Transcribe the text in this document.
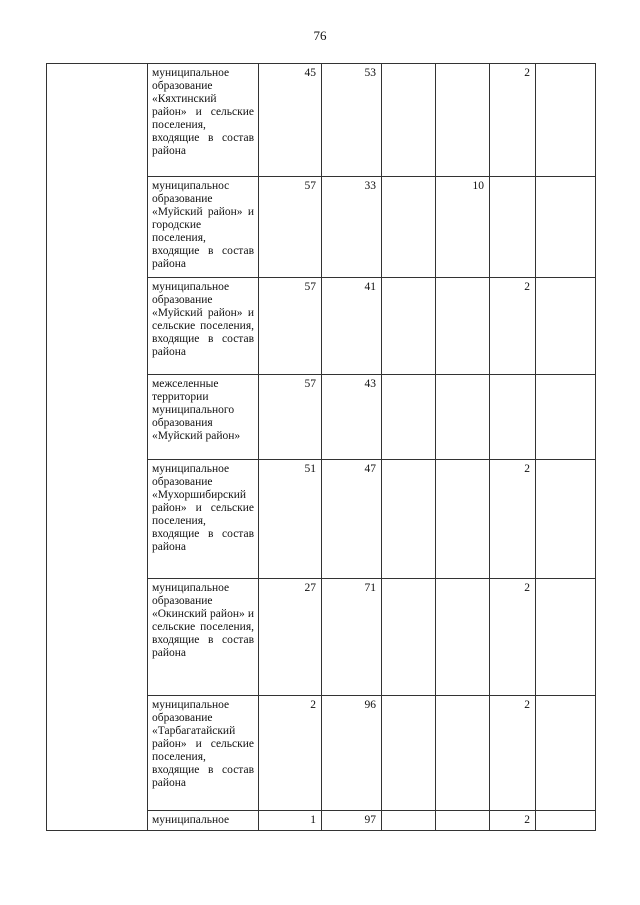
76
	муниципальное образование «Кяхтинский район» и сельские поселения, входящие в состав района	45	53			2	
	муниципальнос образование «Муйский район» и городские поселения, входящие в состав района	57	33		10		
	муниципальное образование «Муйский район» и сельские поселения, входящие в состав района	57	41			2	
	межселенные территории муниципального образования «Муйский район»	57	43				
	муниципальное образование «Мухоршибирский район» и сельские поселения, входящие в состав района	51	47			2	
	муниципальное образование «Окинский район» и сельские поселения, входящие в состав района	27	71			2	
	муниципальное образование «Тарбагатайский район» и сельские поселения, входящие в состав района	2	96			2	
	муниципальное	1	97			2	
